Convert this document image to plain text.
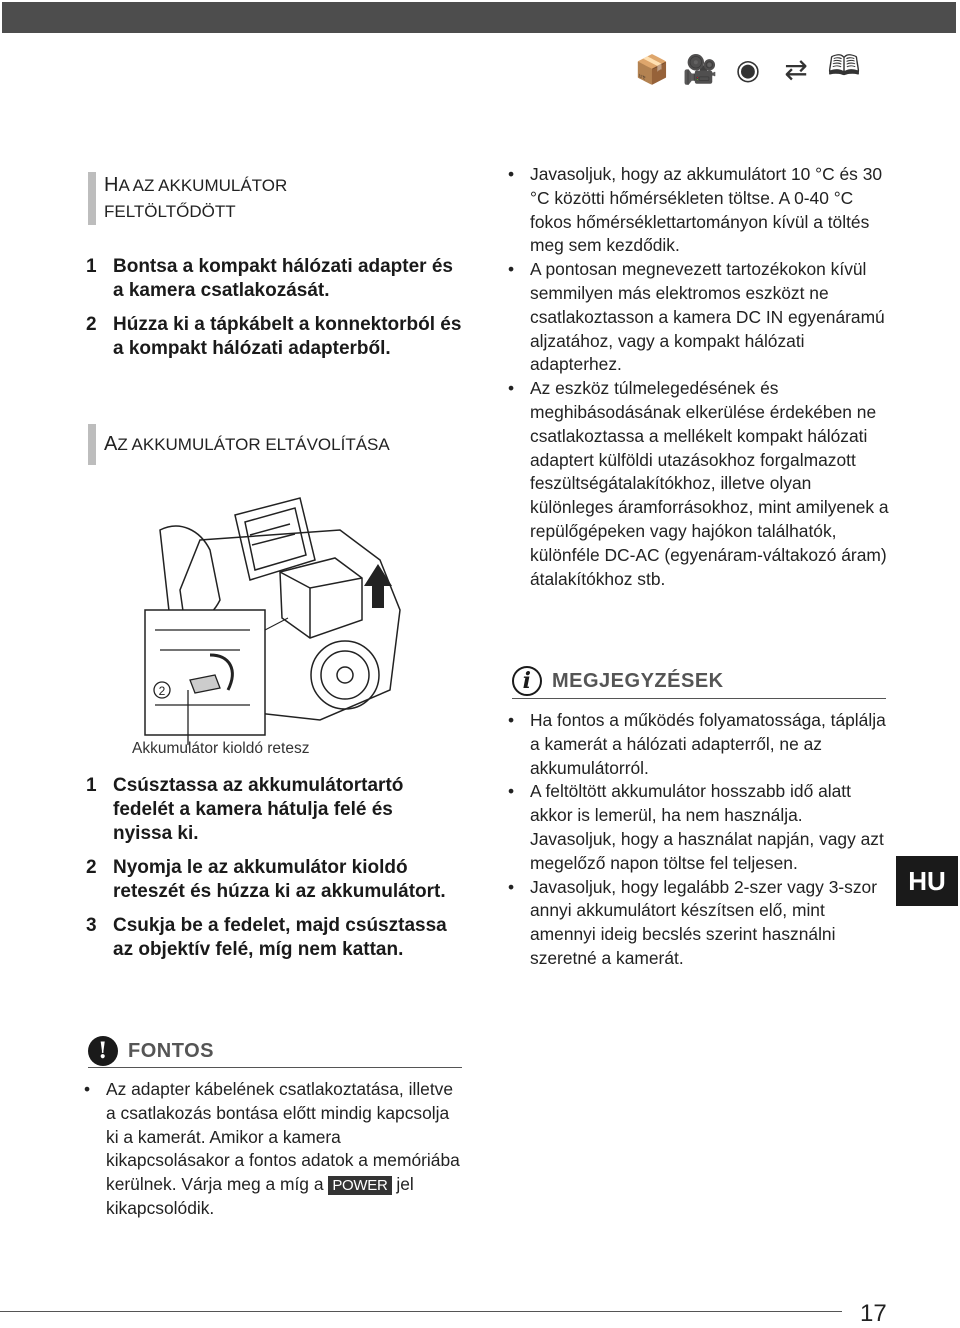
📦 🎥 ◉ ⇄ 🕮
HA AZ AKKUMULÁTOR
FELTÖLTŐDÖTT
1 Bontsa a kompakt hálózati adapter és a kamera csatlakozását.
2 Húzza ki a tápkábelt a konnektorból és a kompakt hálózati adapterből.
AZ AKKUMULÁTOR ELTÁVOLÍTÁSA
2
Akkumulátor kioldó retesz
1 Csúsztassa az akkumulátortartó fedelét a kamera hátulja felé és nyissa ki.
2 Nyomja le az akkumulátor kioldó reteszét és húzza ki az akkumulátort.
3 Csukja be a fedelet, majd csúsztassa az objektív felé, míg nem kattan.
! FONTOS
• Az adapter kábelének csatlakoztatása, illetve a csatlakozás bontása előtt mindig kapcsolja ki a kamerát. Amikor a kamera kikapcsolásakor a fontos adatok a memóriába kerülnek. Várja meg a míg a POWER jel kikapcsolódik.
• Javasoljuk, hogy az akkumulátort 10 °C és 30 °C közötti hőmérsékleten töltse. A 0-40 °C fokos hőmérséklettartományon kívül a töltés meg sem kezdődik.
• A pontosan megnevezett tartozékokon kívül semmilyen más elektromos eszközt ne csatlakoztasson a kamera DC IN egyenáramú aljzatához, vagy a kompakt hálózati adapterhez.
• Az eszköz túlmelegedésének és meghibásodásának elkerülése érdekében ne csatlakoztassa a mellékelt kompakt hálózati adaptert külföldi utazásokhoz forgalmazott feszültségátalakítókhoz, illetve olyan különleges áramforrásokhoz, mint amilyenek a repülőgépeken vagy hajókon találhatók, különféle DC-AC (egyenáram-váltakozó áram) átalakítókhoz stb.
i	MEGJEGYZÉSEK
• Ha fontos a működés folyamatossága, táplálja a kamerát a hálózati adapterről, ne az akkumulátorról.
• A feltöltött akkumulátor hosszabb idő alatt akkor is lemerül, ha nem használja. Javasoljuk, hogy a használat napján, vagy azt megelőző napon töltse fel teljesen.
• Javasoljuk, hogy legalább 2-szer vagy 3-szor annyi akkumulátort készítsen elő, mint amennyi ideig becslés szerint használni szeretné a kamerát.
HU
17
